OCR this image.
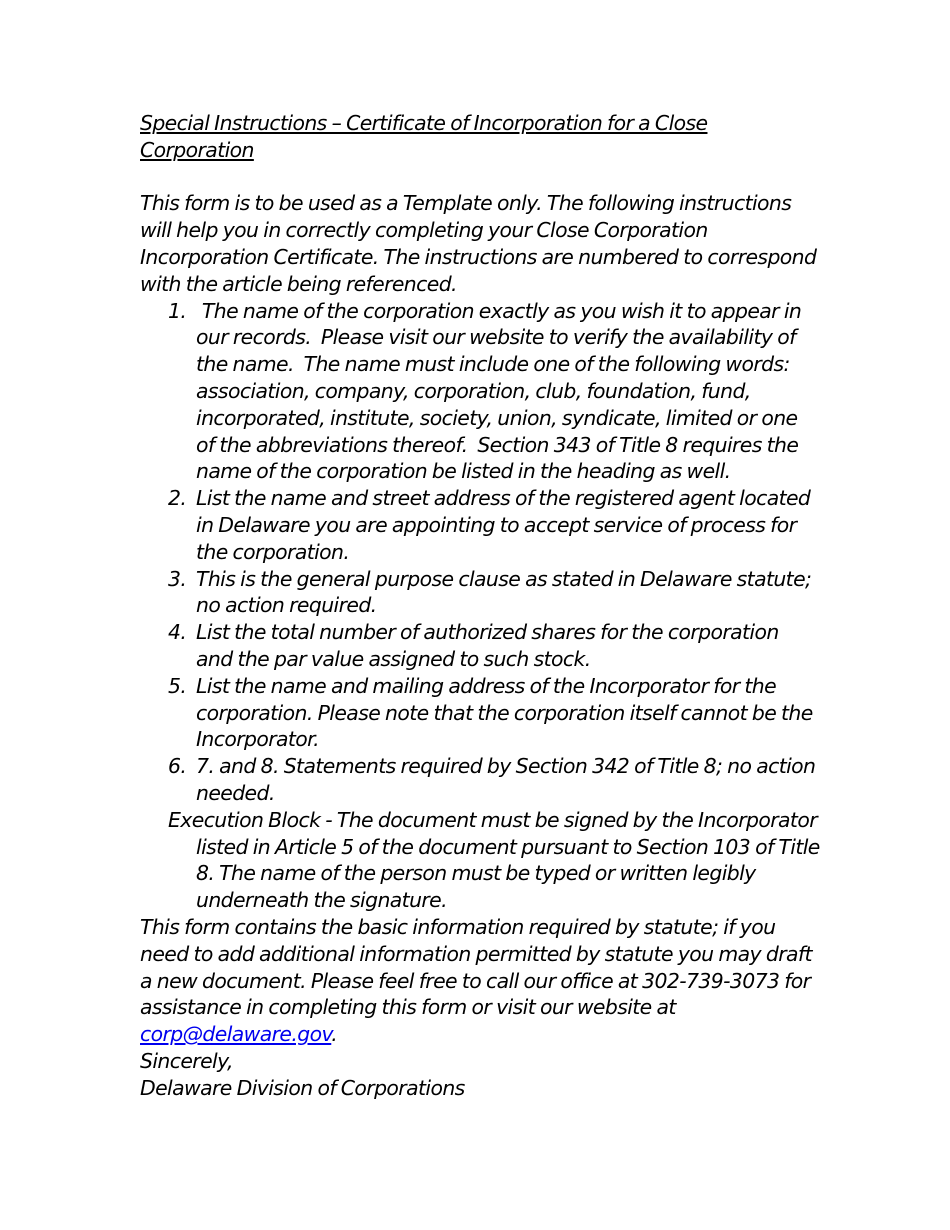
Special Instructions – Certificate of Incorporation for a Close Corporation

This form is to be used as a Template only. The following instructions will help you in correctly completing your Close Corporation Incorporation Certificate. The instructions are numbered to correspond with the article being referenced.

1. The name of the corporation exactly as you wish it to appear in our records.  Please visit our website to verify the availability of the name.  The name must include one of the following words: association, company, corporation, club, foundation, fund, incorporated, institute, society, union, syndicate, limited or one of the abbreviations thereof.  Section 343 of Title 8 requires the name of the corporation be listed in the heading as well.
2. List the name and street address of the registered agent located in Delaware you are appointing to accept service of process for the corporation.
3. This is the general purpose clause as stated in Delaware statute; no action required.
4. List the total number of authorized shares for the corporation and the par value assigned to such stock.
5. List the name and mailing address of the Incorporator for the corporation. Please note that the corporation itself cannot be the Incorporator.
6. 7. and 8. Statements required by Section 342 of Title 8; no action needed.

Execution Block - The document must be signed by the Incorporator listed in Article 5 of the document pursuant to Section 103 of Title 8. The name of the person must be typed or written legibly underneath the signature.

This form contains the basic information required by statute; if you need to add additional information permitted by statute you may draft a new document. Please feel free to call our office at 302-739-3073 for assistance in completing this form or visit our website at corp@delaware.gov.

Sincerely,

Delaware Division of Corporations
